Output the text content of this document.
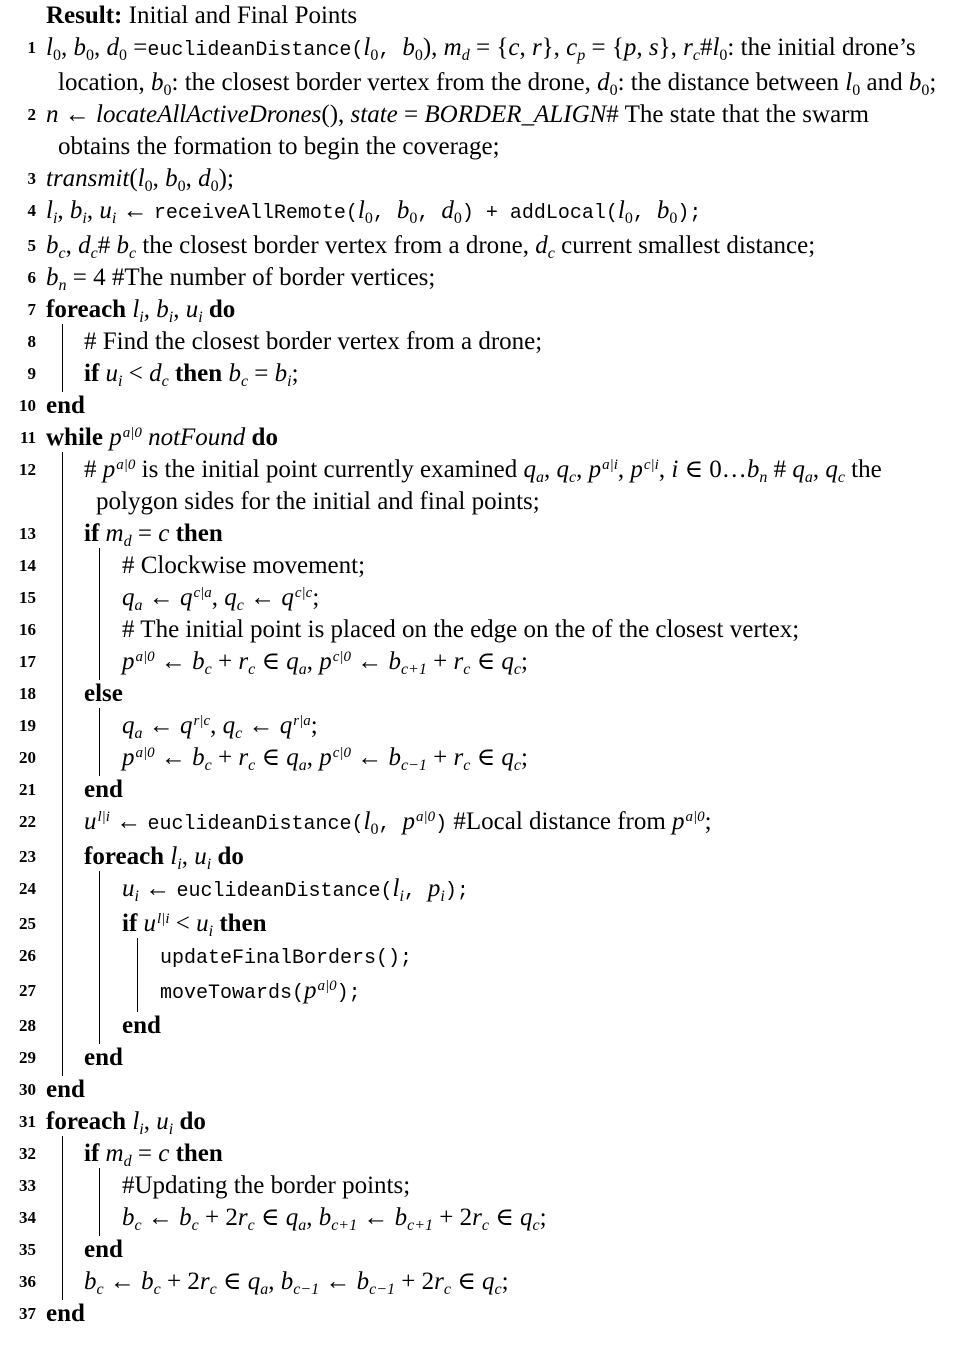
Result: Initial and Final Points
1 $l_0$, $b_0$, $d_0$ $=euclideanDistance(l_0$, $b_0$), $m_d = \{c$, r}, $c_p = \{p$, s}, $r_c\#l_0$: the initial drone’s location, $b_0$: the closest border vertex from the drone, $d_0$: the distance between $l_0$ and $b_0$;
2 n ← locateAllActiveDrones(), state = BORDER_ALIGN# The state that the swarm obtains the formation to begin the coverage;
3 $transmit(l_0$, $b_0$, $d_0$);
4 $l_i$, $b_i$, $u_i$ ← $receiveAllRemote(l_0$, $b_0$, $d_0$) + $addLocal(l_0$, $b_0$);
5 $b_c$, $d_c\#$ $b_c$ the closest border vertex from a drone, $d_c$ current smallest distance;
6 $b_n = 4$ #The number of border vertices;
7 foreach $l_i$, $b_i$, $u_i$ do
8 # Find the closest border vertex from a drone;
9 if $u_i < d_c$ then $b_c = b_i$;
10 end
11 while $p^{a|0}$ notFound do
12 # $p^{a|0}$ is the initial point currently examined $q_a$, $q_c$, $p^{a|i}$, $p^{c|i}$, i ∈ $0\dots b_n$ # $q_a$, $q_c$ the polygon sides for the initial and final points;
13 if $m_d = c$ then
14	# Clockwise movement;
15	$q_a$ ← $q^{c|a}$, $q_c$ ← $q^{c|c}$;
16	# The initial point is placed on the edge on the of the closest vertex;
17	$p^{a|0}$ ← $b_c + r_c$ ∈ $q_a$, $p^{c|0}$ ← $b_{c+1} + r_c$ ∈ $q_c$;
18 else
19	$q_a$ ← $q^{r|c}$, $q_c$ ← $q^{r|a}$;
20	$p^{a|0}$ ← $b_c + r_c$ ∈ $q_a$, $p^{c|0}$ ← $b_{c-1} + r_c$ ∈ $q_c$;
21 end
22 $u^{l|i}$ ← $euclideanDistance(l_0$, $p^{a|0}$) #Local distance from $p^{a|0}$;
23 foreach $l_i$, $u_i$ do
24	$u_i$ ← $euclideanDistance(l_i$, $p_i$);
25	if $u^{l|i} < u_i$ then
26	updateFinalBorders();
27	$moveTowards(p^{a|0})$;
28	end
29 end
30 end
31 foreach $l_i$, $u_i$ do
32 if $m_d = c$ then
33	#Updating the border points;
34	$b_c$ ← $b_c + 2r_c$ ∈ $q_a$, $b_{c+1}$ ← $b_{c+1} + 2r_c$ ∈ $q_c$;
35 end
36 $b_c$ ← $b_c + 2r_c$ ∈ $q_a$, $b_{c-1}$ ← $b_{c-1} + 2r_c$ ∈ $q_c$;
37 end
